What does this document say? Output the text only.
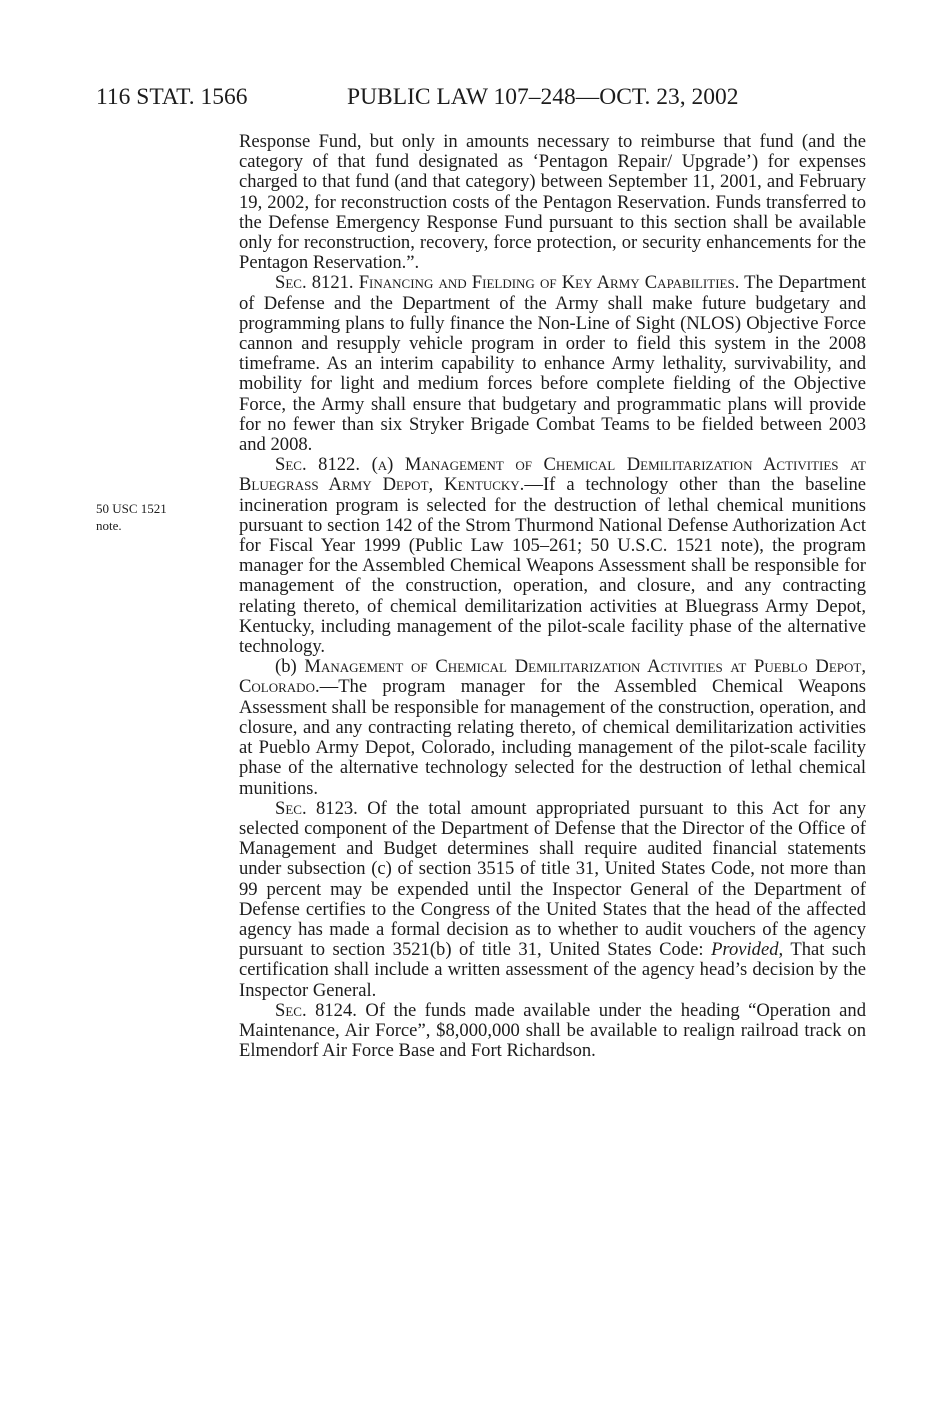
116 STAT. 1566	PUBLIC LAW 107–248—OCT. 23, 2002
50 USC 1521
note.

Response Fund, but only in amounts necessary to reimburse that fund (and the category of that fund designated as ‘Pentagon Repair/ Upgrade’) for expenses charged to that fund (and that category) between September 11, 2001, and February 19, 2002, for reconstruction costs of the Pentagon Reservation. Funds transferred to the Defense Emergency Response Fund pursuant to this section shall be available only for reconstruction, recovery, force protection, or security enhancements for the Pentagon Reservation.”.

Sec. 8121. Financing and Fielding of Key Army Capabilities. The Department of Defense and the Department of the Army shall make future budgetary and programming plans to fully finance the Non-Line of Sight (NLOS) Objective Force cannon and resupply vehicle program in order to field this system in the 2008 timeframe. As an interim capability to enhance Army lethality, survivability, and mobility for light and medium forces before complete fielding of the Objective Force, the Army shall ensure that budgetary and programmatic plans will provide for no fewer than six Stryker Brigade Combat Teams to be fielded between 2003 and 2008.

Sec. 8122. (a) Management of Chemical Demilitarization Activities at Bluegrass Army Depot, Kentucky.—If a technology other than the baseline incineration program is selected for the destruction of lethal chemical munitions pursuant to section 142 of the Strom Thurmond National Defense Authorization Act for Fiscal Year 1999 (Public Law 105–261; 50 U.S.C. 1521 note), the program manager for the Assembled Chemical Weapons Assessment shall be responsible for management of the construction, operation, and closure, and any contracting relating thereto, of chemical demilitarization activities at Bluegrass Army Depot, Kentucky, including management of the pilot-scale facility phase of the alternative technology.

(b) Management of Chemical Demilitarization Activities at Pueblo Depot, Colorado.—The program manager for the Assembled Chemical Weapons Assessment shall be responsible for management of the construction, operation, and closure, and any contracting relating thereto, of chemical demilitarization activities at Pueblo Army Depot, Colorado, including management of the pilot-scale facility phase of the alternative technology selected for the destruction of lethal chemical munitions.

Sec. 8123. Of the total amount appropriated pursuant to this Act for any selected component of the Department of Defense that the Director of the Office of Management and Budget determines shall require audited financial statements under subsection (c) of section 3515 of title 31, United States Code, not more than 99 percent may be expended until the Inspector General of the Department of Defense certifies to the Congress of the United States that the head of the affected agency has made a formal decision as to whether to audit vouchers of the agency pursuant to section 3521(b) of title 31, United States Code: Provided, That such certification shall include a written assessment of the agency head’s decision by the Inspector General.

Sec. 8124. Of the funds made available under the heading “Operation and Maintenance, Air Force”, $8,000,000 shall be available to realign railroad track on Elmendorf Air Force Base and Fort Richardson.
